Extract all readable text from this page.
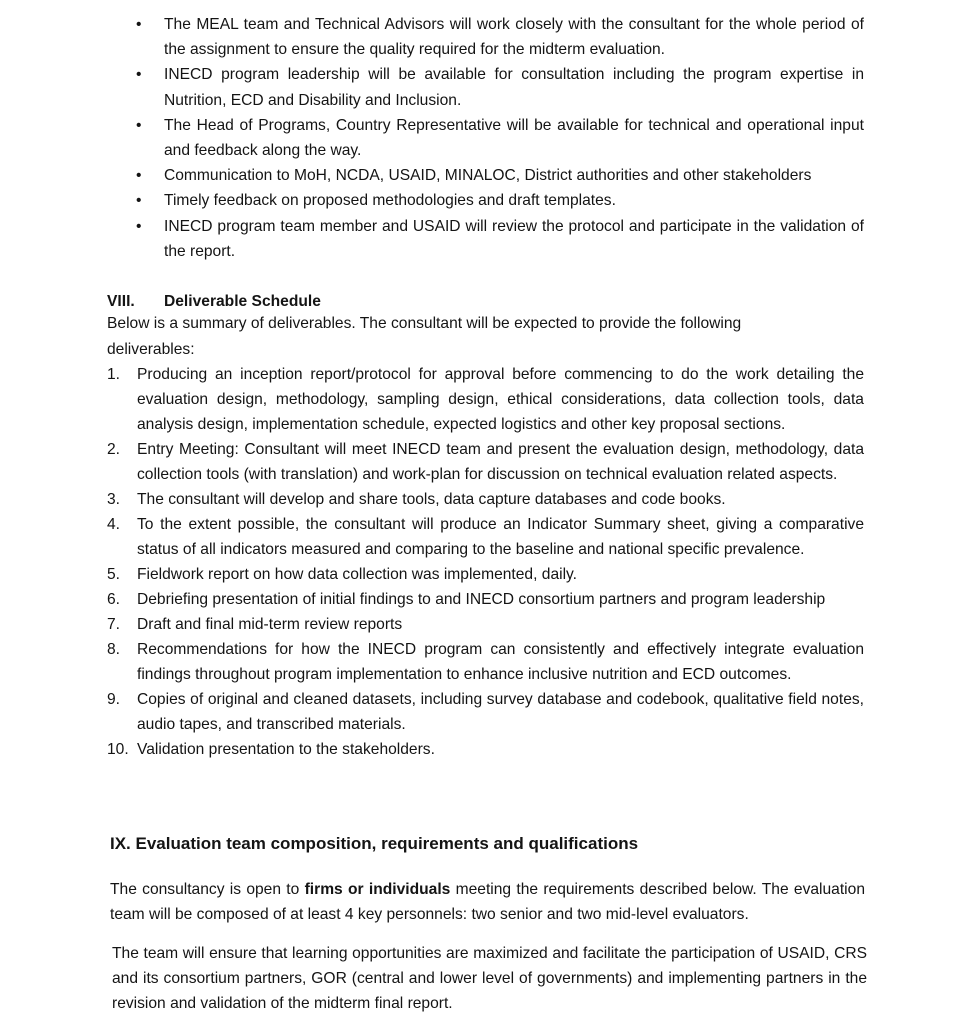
• The MEAL team and Technical Advisors will work closely with the consultant for the whole period of the assignment to ensure the quality required for the midterm evaluation.
• INECD program leadership will be available for consultation including the program expertise in Nutrition, ECD and Disability and Inclusion.
• The Head of Programs, Country Representative will be available for technical and operational input and feedback along the way.
• Communication to MoH, NCDA, USAID, MINALOC, District authorities and other stakeholders
• Timely feedback on proposed methodologies and draft templates.
• INECD program team member and USAID will review the protocol and participate in the validation of the report.
VIII. Deliverable Schedule
Below is a summary of deliverables. The consultant will be expected to provide the following deliverables:
1. Producing an inception report/protocol for approval before commencing to do the work detailing the evaluation design, methodology, sampling design, ethical considerations, data collection tools, data analysis design, implementation schedule, expected logistics and other key proposal sections.
2. Entry Meeting: Consultant will meet INECD team and present the evaluation design, methodology, data collection tools (with translation) and work-plan for discussion on technical evaluation related aspects.
3. The consultant will develop and share tools, data capture databases and code books.
4. To the extent possible, the consultant will produce an Indicator Summary sheet, giving a comparative status of all indicators measured and comparing to the baseline and national specific prevalence.
5. Fieldwork report on how data collection was implemented, daily.
6. Debriefing presentation of initial findings to and INECD consortium partners and program leadership
7. Draft and final mid-term review reports
8. Recommendations for how the INECD program can consistently and effectively integrate evaluation findings throughout program implementation to enhance inclusive nutrition and ECD outcomes.
9. Copies of original and cleaned datasets, including survey database and codebook, qualitative field notes, audio tapes, and transcribed materials.
10. Validation presentation to the stakeholders.
IX. Evaluation team composition, requirements and qualifications
The consultancy is open to firms or individuals meeting the requirements described below. The evaluation team will be composed of at least 4 key personnels: two senior and two mid-level evaluators.
The team will ensure that learning opportunities are maximized and facilitate the participation of USAID, CRS and its consortium partners, GOR (central and lower level of governments) and implementing partners in the revision and validation of the midterm final report.
